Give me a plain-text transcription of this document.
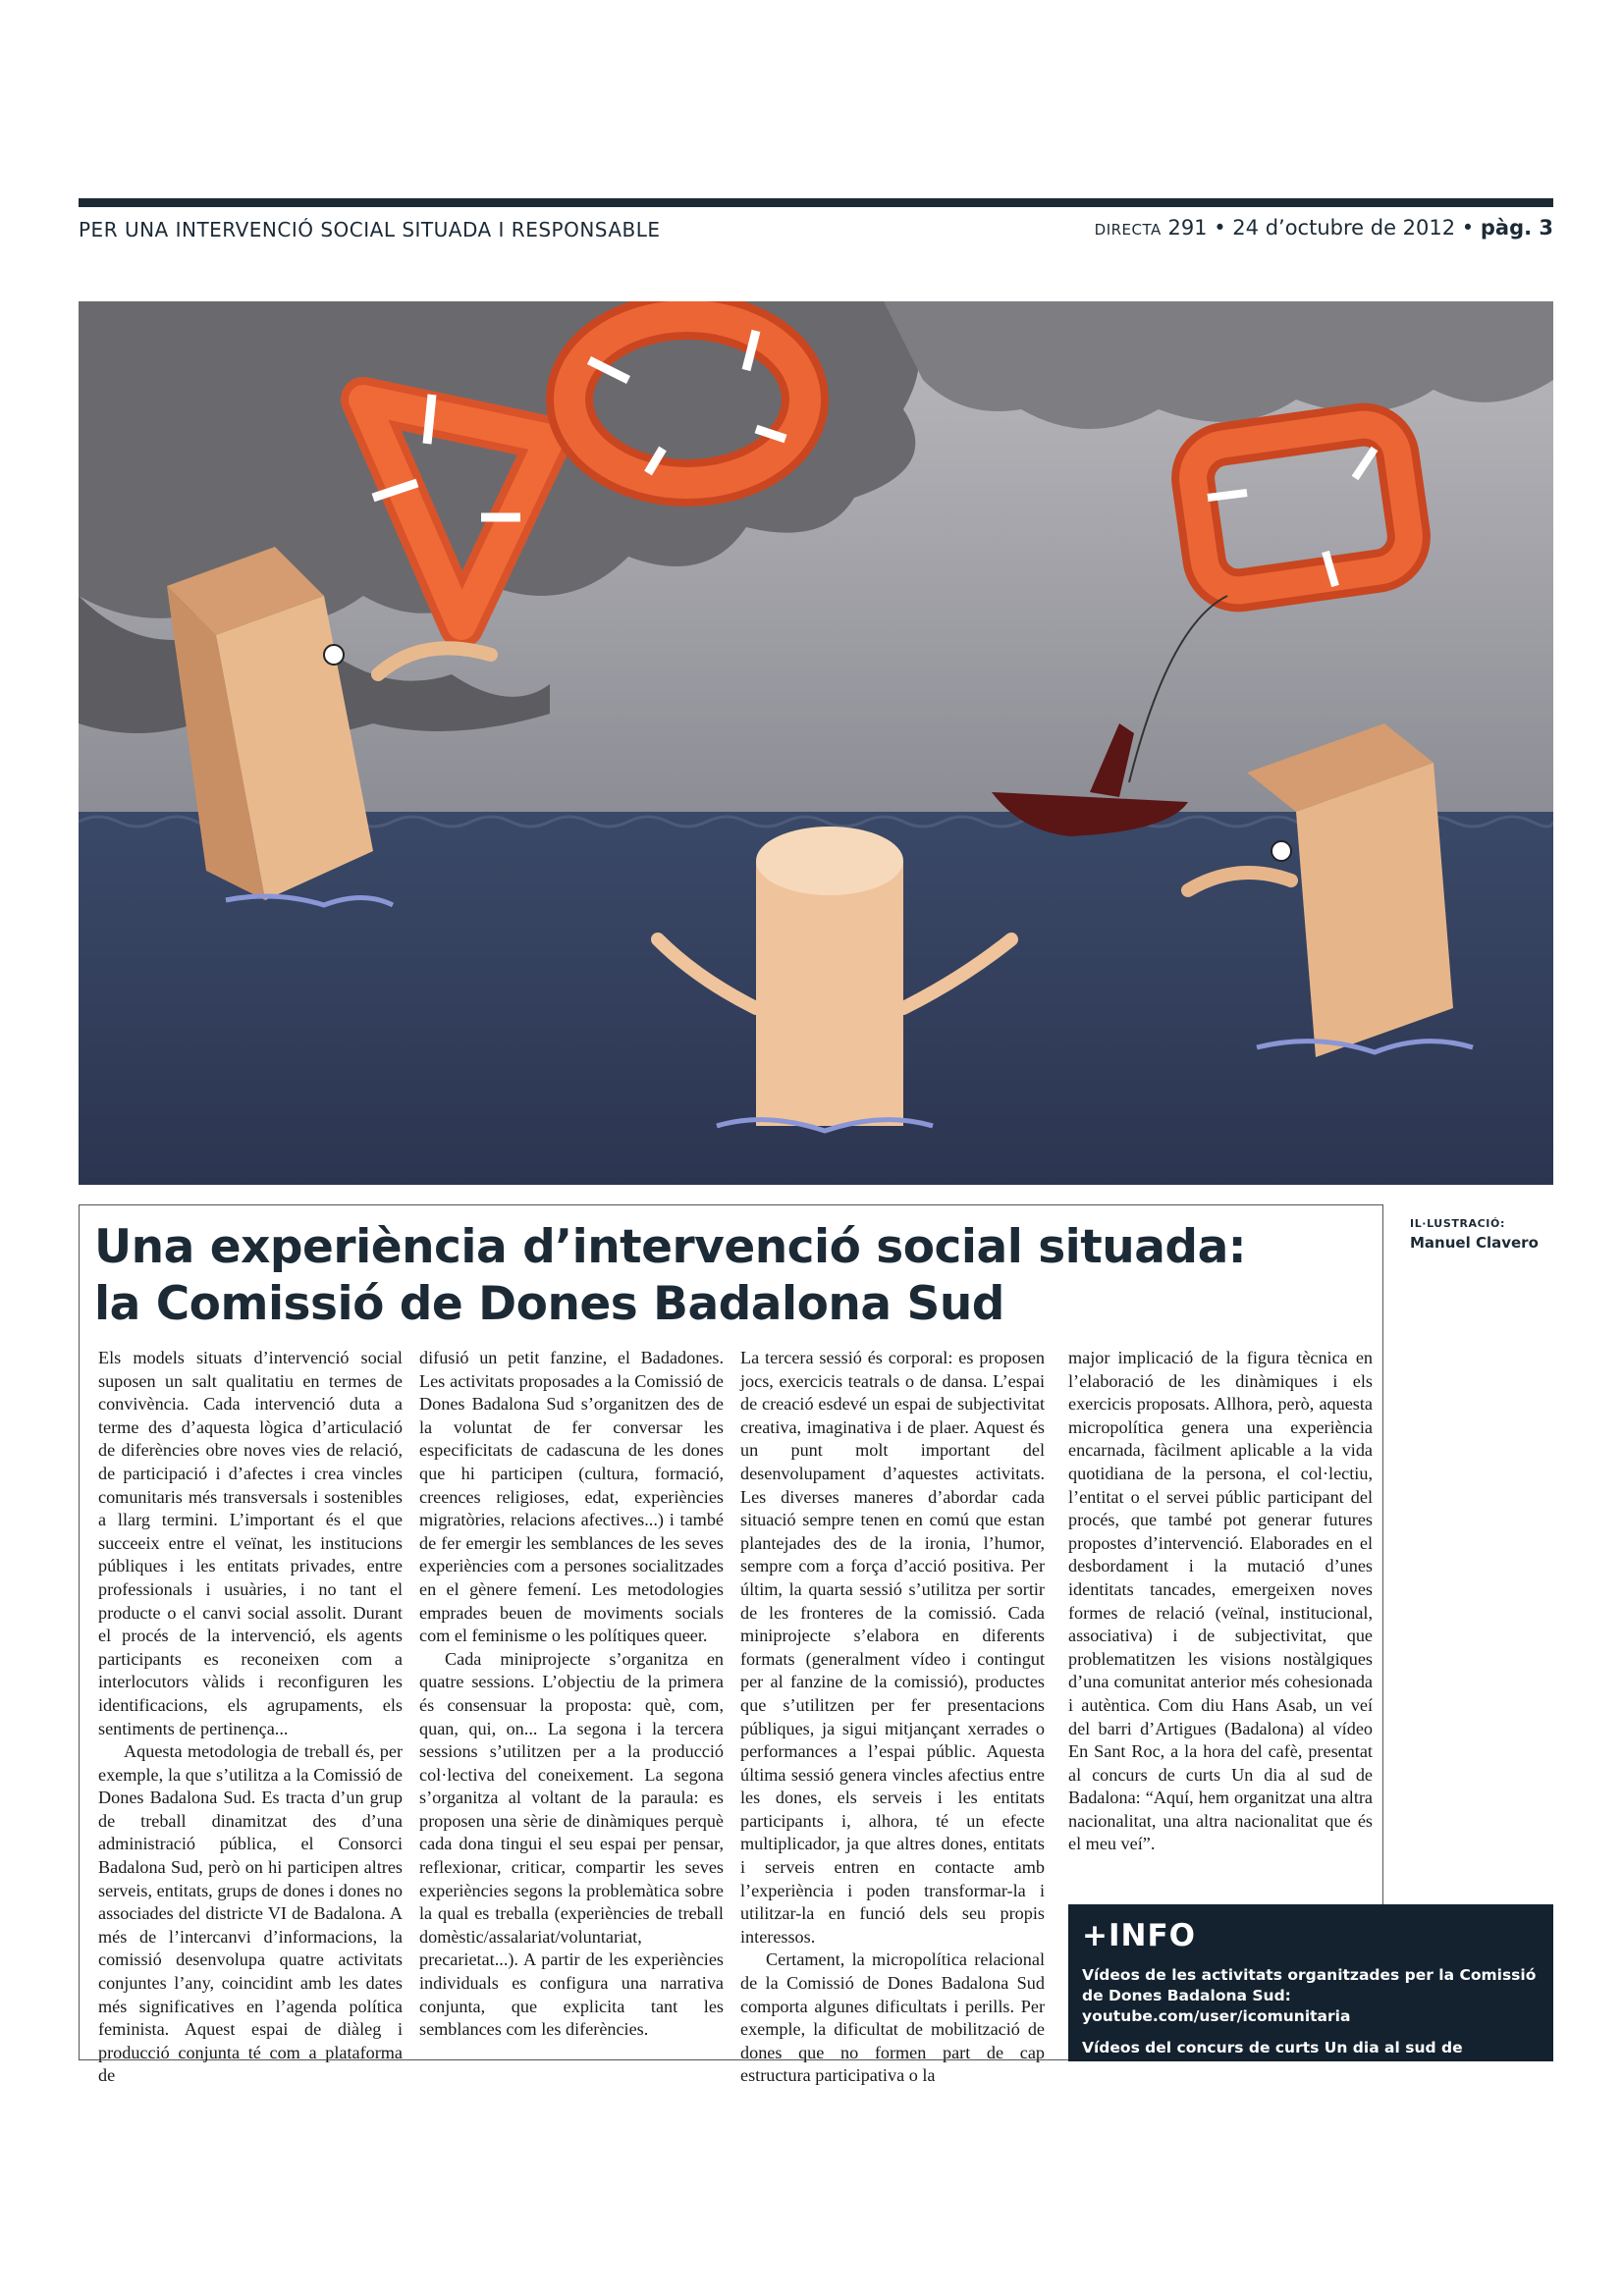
PER UNA INTERVENCIÓ SOCIAL SITUADA I RESPONSABLE	DIRECTA 291 • 24 d’octubre de 2012 • pàg. 3
IL·LUSTRACIÓ:
Manuel Clavero
Una experiència d’intervenció social situada:
la Comissió de Dones Badalona Sud

Els models situats d’intervenció social suposen un salt qualitatiu en termes de convivència. Cada intervenció duta a terme des d’aquesta lògica d’articulació de diferències obre noves vies de relació, de participació i d’afectes i crea vincles comunitaris més transversals i sostenibles a llarg termini. L’important és el que succeeix entre el veïnat, les institucions públiques i les entitats privades, entre professionals i usuàries, i no tant el producte o el canvi social assolit. Durant el procés de la intervenció, els agents participants es reconeixen com a interlocutors vàlids i reconfiguren les identificacions, els agrupaments, els sentiments de pertinença...

Aquesta metodologia de treball és, per exemple, la que s’utilitza a la Comissió de Dones Badalona Sud. Es tracta d’un grup de treball dinamitzat des d’una administració pública, el Consorci Badalona Sud, però on hi participen altres serveis, entitats, grups de dones i dones no associades del districte VI de Badalona. A més de l’intercanvi d’informacions, la comissió desenvolupa quatre activitats conjuntes l’any, coincidint amb les dates més significatives en l’agenda política feminista. Aquest espai de diàleg i producció conjunta té com a plataforma de

difusió un petit fanzine, el Badadones. Les activitats proposades a la Comissió de Dones Badalona Sud s’organitzen des de la voluntat de fer conversar les especificitats de cadascuna de les dones que hi participen (cultura, formació, creences religioses, edat, experiències migratòries, relacions afectives...) i també de fer emergir les semblances de les seves experiències com a persones socialitzades en el gènere femení. Les metodologies emprades beuen de moviments socials com el feminisme o les polítiques queer.

Cada miniprojecte s’organitza en quatre sessions. L’objectiu de la primera és consensuar la proposta: què, com, quan, qui, on... La segona i la tercera sessions s’utilitzen per a la producció col·lectiva del coneixement. La segona s’organitza al voltant de la paraula: es proposen una sèrie de dinàmiques perquè cada dona tingui el seu espai per pensar, reflexionar, criticar, compartir les seves experiències segons la problemàtica sobre la qual es treballa (experiències de treball domèstic/assalariat/voluntariat, precarietat...). A partir de les experiències individuals es configura una narrativa conjunta, que explicita tant les semblances com les diferències.

La tercera sessió és corporal: es proposen jocs, exercicis teatrals o de dansa. L’espai de creació esdevé un espai de subjectivitat creativa, imaginativa i de plaer. Aquest és un punt molt important del desenvolupament d’aquestes activitats. Les diverses maneres d’abordar cada situació sempre tenen en comú que estan plantejades des de la ironia, l’humor, sempre com a força d’acció positiva. Per últim, la quarta sessió s’utilitza per sortir de les fronteres de la comissió. Cada miniprojecte s’elabora en diferents formats (generalment vídeo i contingut per al fanzine de la comissió), productes que s’utilitzen per fer presentacions públiques, ja sigui mitjançant xerrades o performances a l’espai públic. Aquesta última sessió genera vincles afectius entre les dones, els serveis i les entitats participants i, alhora, té un efecte multiplicador, ja que altres dones, entitats i serveis entren en contacte amb l’experiència i poden transformar-la i utilitzar-la en funció dels seu propis interessos.

Certament, la micropolítica relacional de la Comissió de Dones Badalona Sud comporta algunes dificultats i perills. Per exemple, la dificultat de mobilització de dones que no formen part de cap estructura participativa o la

major implicació de la figura tècnica en l’elaboració de les dinàmiques i els exercicis proposats. Allhora, però, aquesta micropolítica genera una experiència encarnada, fàcilment aplicable a la vida quotidiana de la persona, el col·lectiu, l’entitat o el servei públic participant del procés, que també pot generar futures propostes d’intervenció. Elaborades en el desbordament i la mutació d’unes identitats tancades, emergeixen noves formes de relació (veïnal, institucional, associativa) i de subjectivitat, que problematitzen les visions nostàlgiques d’una comunitat anterior més cohesionada i autèntica. Com diu Hans Asab, un veí del barri d’Artigues (Badalona) al vídeo En Sant Roc, a la hora del cafè, presentat al concurs de curts Un dia al sud de Badalona: “Aquí, hem organitzat una altra nacionalitat, una altra nacionalitat que és el meu veí”.

+INFO

Vídeos de les activitats organitzades per la Comissió de Dones Badalona Sud: youtube.com/user/icomunitaria

Vídeos del concurs de curts Un dia al sud de Badalona: undiaalsuddebadalona.wordpress.com
